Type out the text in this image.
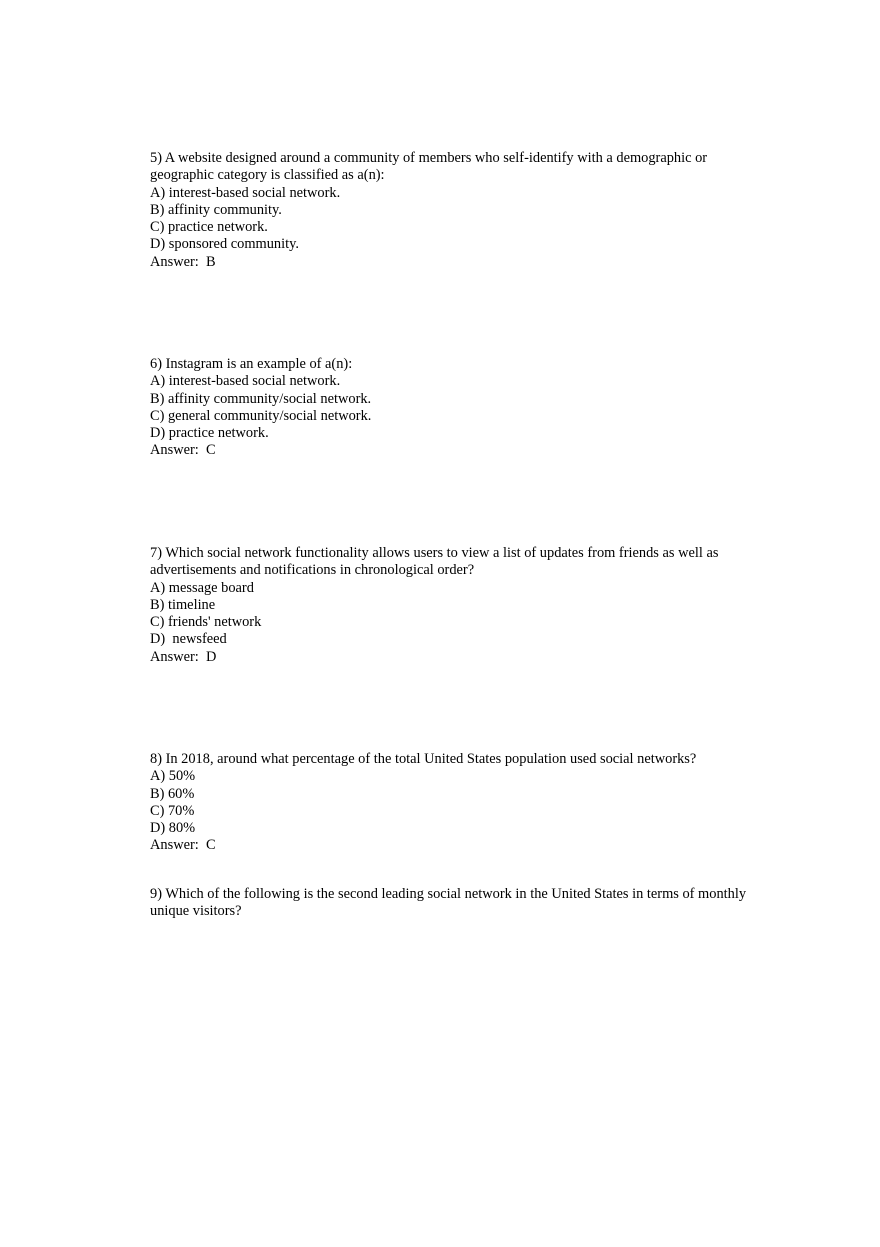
5) A website designed around a community of members who self-identify with a demographic or geographic category is classified as a(n):
A) interest-based social network.
B) affinity community.
C) practice network.
D) sponsored community.
Answer:  B
6) Instagram is an example of a(n):
A) interest-based social network.
B) affinity community/social network.
C) general community/social network.
D) practice network.
Answer:  C
7) Which social network functionality allows users to view a list of updates from friends as well as advertisements and notifications in chronological order?
A) message board
B) timeline
C) friends' network
D)  newsfeed
Answer:  D
8) In 2018, around what percentage of the total United States population used social networks?
A) 50%
B) 60%
C) 70%
D) 80%
Answer:  C
9) Which of the following is the second leading social network in the United States in terms of monthly unique visitors?
